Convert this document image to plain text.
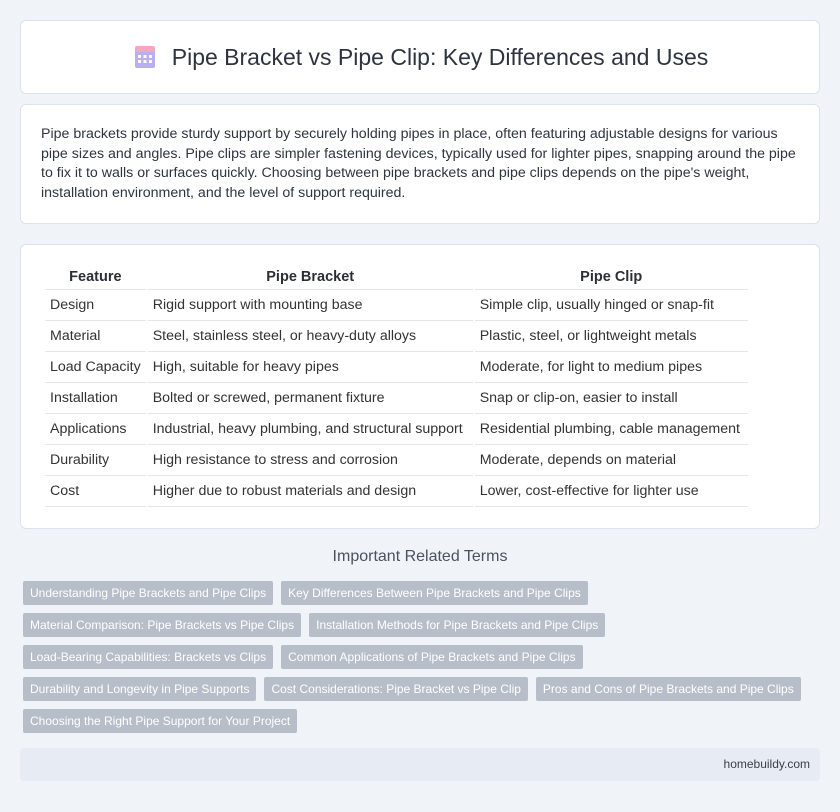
Pipe Bracket vs Pipe Clip: Key Differences and Uses

Pipe brackets provide sturdy support by securely holding pipes in place, often featuring adjustable designs for various pipe sizes and angles. Pipe clips are simpler fastening devices, typically used for lighter pipes, snapping around the pipe to fix it to walls or surfaces quickly. Choosing between pipe brackets and pipe clips depends on the pipe's weight, installation environment, and the level of support required.

Feature	Pipe Bracket	Pipe Clip
Design	Rigid support with mounting base	Simple clip, usually hinged or snap-fit
Material	Steel, stainless steel, or heavy-duty alloys	Plastic, steel, or lightweight metals
Load Capacity	High, suitable for heavy pipes	Moderate, for light to medium pipes
Installation	Bolted or screwed, permanent fixture	Snap or clip-on, easier to install
Applications	Industrial, heavy plumbing, and structural support	Residential plumbing, cable management
Durability	High resistance to stress and corrosion	Moderate, depends on material
Cost	Higher due to robust materials and design	Lower, cost-effective for lighter use
Important Related Terms
Understanding Pipe Brackets and Pipe Clips	Key Differences Between Pipe Brackets and Pipe Clips
Material Comparison: Pipe Brackets vs Pipe Clips	Installation Methods for Pipe Brackets and Pipe Clips
Load-Bearing Capabilities: Brackets vs Clips	Common Applications of Pipe Brackets and Pipe Clips
Durability and Longevity in Pipe Supports	Cost Considerations: Pipe Bracket vs Pipe Clip	Pros and Cons of Pipe Brackets and Pipe Clips
Choosing the Right Pipe Support for Your Project
homebuildy.com
